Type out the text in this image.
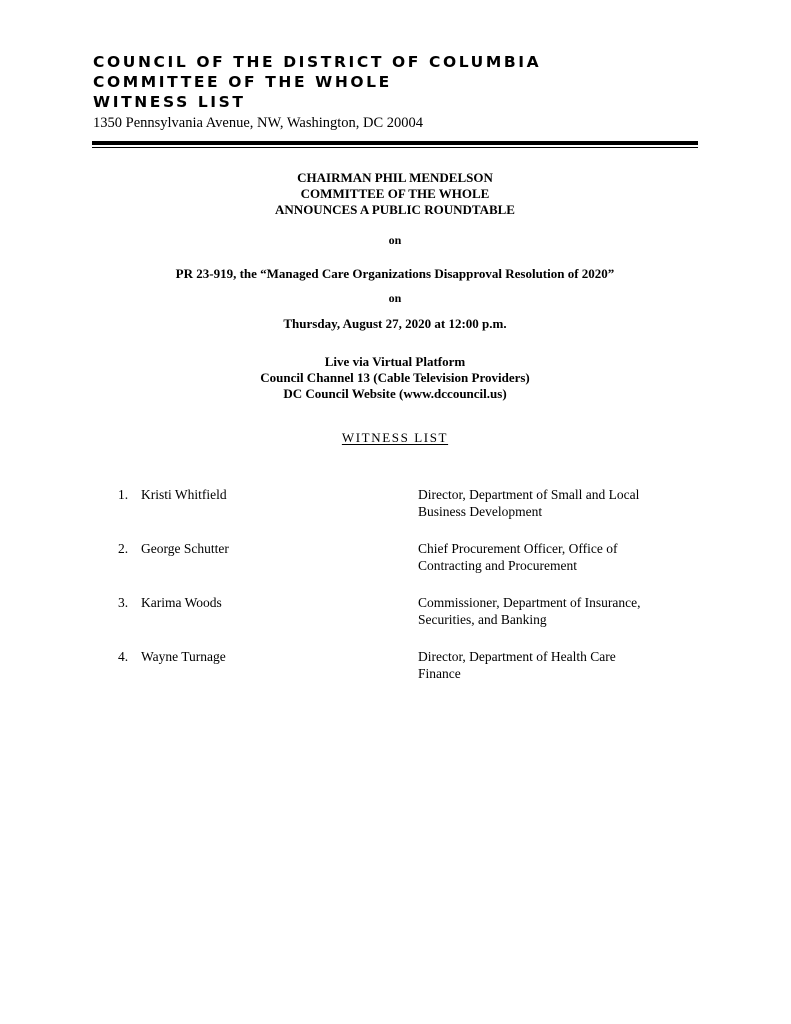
COUNCIL OF THE DISTRICT OF COLUMBIA
COMMITTEE OF THE WHOLE
WITNESS LIST
1350 Pennsylvania Avenue, NW, Washington, DC 20004
CHAIRMAN PHIL MENDELSON
COMMITTEE OF THE WHOLE
ANNOUNCES A PUBLIC ROUNDTABLE
on
PR 23-919, the “Managed Care Organizations Disapproval Resolution of 2020”
on
Thursday, August 27, 2020 at 12:00 p.m.
Live via Virtual Platform
Council Channel 13 (Cable Television Providers)
DC Council Website (www.dccouncil.us)
WITNESS LIST
1. Kristi Whitfield	Director, Department of Small and Local
Business Development
2. George Schutter	Chief Procurement Officer, Office of
Contracting and Procurement
3. Karima Woods	Commissioner, Department of Insurance,
Securities, and Banking
4. Wayne Turnage	Director, Department of Health Care
Finance
